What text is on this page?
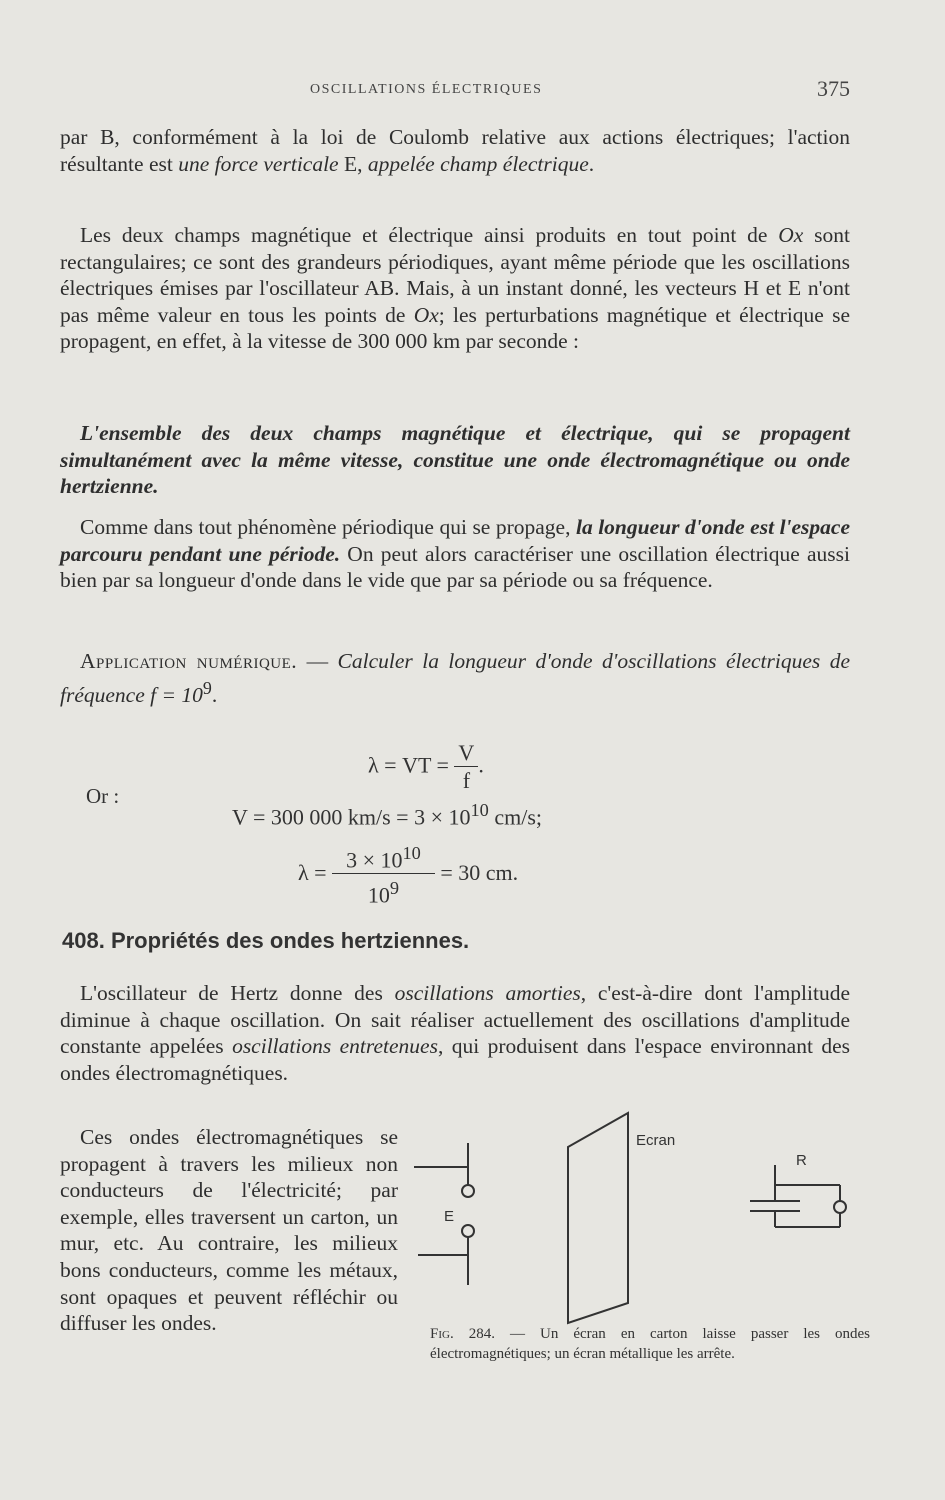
OSCILLATIONS ÉLECTRIQUES	375

par B, conformément à la loi de Coulomb relative aux actions électriques; l'action résultante est une force verticale E, appelée champ électrique.

Les deux champs magnétique et électrique ainsi produits en tout point de Ox sont rectangulaires; ce sont des grandeurs périodiques, ayant même période que les oscillations électriques émises par l'oscillateur AB. Mais, à un instant donné, les vecteurs H et E n'ont pas même valeur en tous les points de Ox; les perturbations magnétique et électrique se propagent, en effet, à la vitesse de 300 000 km par seconde :

L'ensemble des deux champs magnétique et électrique, qui se propagent simultanément avec la même vitesse, constitue une onde électromagnétique ou onde hertzienne.

Comme dans tout phénomène périodique qui se propage, la longueur d'onde est l'espace parcouru pendant une période. On peut alors caractériser une oscillation électrique aussi bien par sa longueur d'onde dans le vide que par sa période ou sa fréquence.

Application numérique. — Calculer la longueur d'onde d'oscillations électriques de fréquence $f = 10^9$.

λ = VT = $\frac{V}{f}$ .
Or :
V = 300 000 $km/s = 3 \times 10^{10}$ cm/s;
$\lambda = \frac{3 \times 10^{10}}{10^9} = 30$ cm.
408. Propriétés des ondes hertziennes.

L'oscillateur de Hertz donne des oscillations amorties, c'est-à-dire dont l'amplitude diminue à chaque oscillation. On sait réaliser actuellement des oscillations d'amplitude constante appelées oscillations entretenues, qui produisent dans l'espace environnant des ondes électromagnétiques.

Ces ondes électromagnétiques se propagent à travers les milieux non conducteurs de l'électricité; par exemple, elles traversent un carton, un mur, etc. Au contraire, les milieux bons conducteurs, comme les métaux, sont opaques et peuvent réfléchir ou diffuser les ondes.

E
Ecran
R
Fig. 284. — Un écran en carton laisse passer les ondes électromagnétiques; un écran métallique les arrête.
